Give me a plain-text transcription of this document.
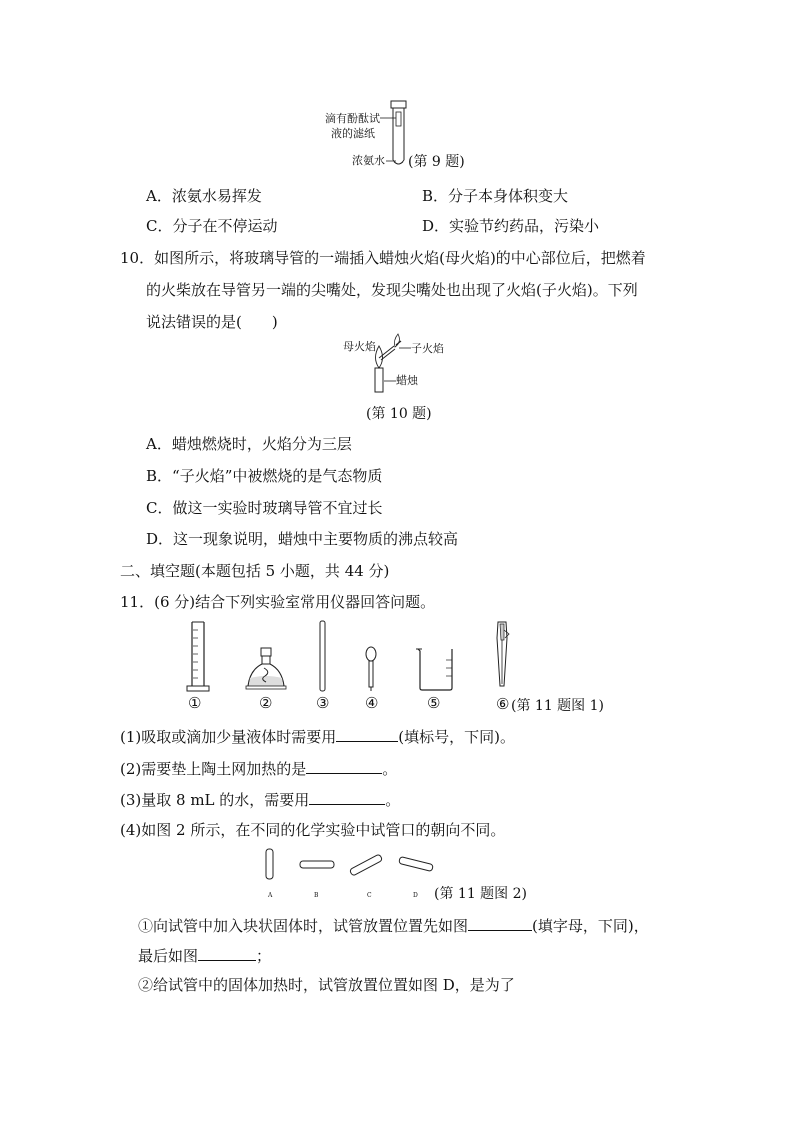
滴有酚酞试
液的滤纸
浓氨水 (第 9 题)
A．浓氨水易挥发	B．分子本身体积变大
C．分子在不停运动	D．实验节约药品，污染小
10．如图所示，将玻璃导管的一端插入蜡烛火焰(母火焰)的中心部位后，把燃着
的火柴放在导管另一端的尖嘴处，发现尖嘴处也出现了火焰(子火焰)。下列
说法错误的是(　　)
母火焰	子火焰
蜡烛
(第 10 题)
A．蜡烛燃烧时，火焰分为三层
B．“子火焰”中被燃烧的是气态物质
C．做这一实验时玻璃导管不宜过长
D．这一现象说明，蜡烛中主要物质的沸点较高
二、填空题(本题包括 5 小题，共 44 分)
11．(6 分)结合下列实验室常用仪器回答问题。
①	②	③ ④	⑤	⑥ (第 11 题图 1)
(1)吸取或滴加少量液体时需要用	(填标号，下同)。
(2)需要垫上陶土网加热的是	。
(3)量取 8 mL 的水，需要用	。
(4)如图 2 所示，在不同的化学实验中试管口的朝向不同。
A	B	C	D (第 11 题图 2)
①向试管中加入块状固体时，试管放置位置先如图	(填字母，下同)，
最后如图	；
②给试管中的固体加热时，试管放置位置如图 D，是为了
